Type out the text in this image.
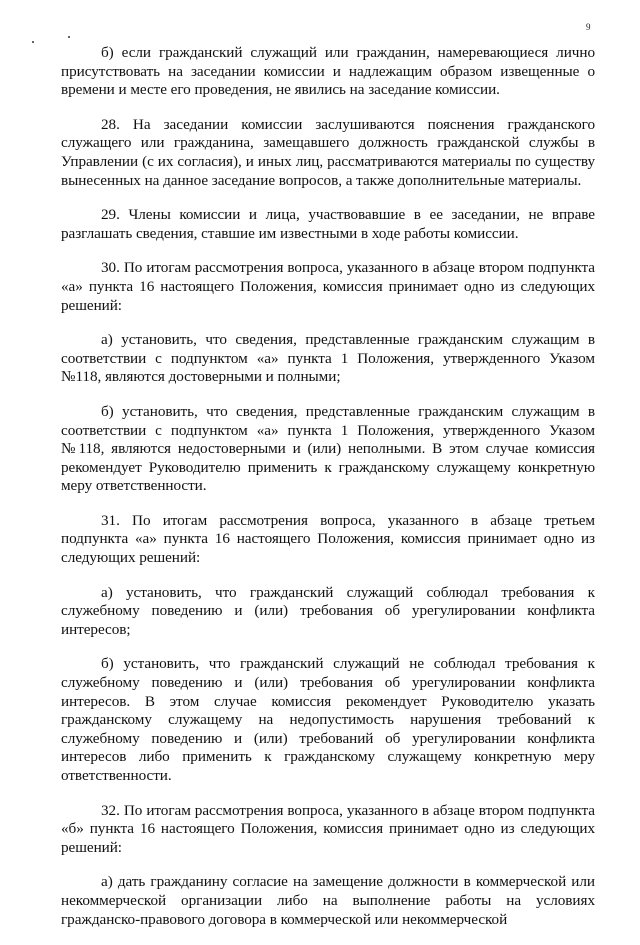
9

б) если гражданский служащий или гражданин, намеревающиеся лично присутствовать на заседании комиссии и надлежащим образом извещенные о времени и месте его проведения, не явились на заседание комиссии.

28. На заседании комиссии заслушиваются пояснения гражданского служащего или гражданина, замещавшего должность гражданской службы в Управлении (с их согласия), и иных лиц, рассматриваются материалы по существу вынесенных на данное заседание вопросов, а также дополнительные материалы.

29. Члены комиссии и лица, участвовавшие в ее заседании, не вправе разглашать сведения, ставшие им известными в ходе работы комиссии.

30. По итогам рассмотрения вопроса, указанного в абзаце втором подпункта «а» пункта 16 настоящего Положения, комиссия принимает одно из следующих решений:

а) установить, что сведения, представленные гражданским служащим в соответствии с подпунктом «а» пункта 1 Положения, утвержденного Указом №118, являются достоверными и полными;

б) установить, что сведения, представленные гражданским служащим в соответствии с подпунктом «а» пункта 1 Положения, утвержденного Указом №118, являются недостоверными и (или) неполными. В этом случае комиссия рекомендует Руководителю применить к гражданскому служащему конкретную меру ответственности.

31. По итогам рассмотрения вопроса, указанного в абзаце третьем подпункта «а» пункта 16 настоящего Положения, комиссия принимает одно из следующих решений:

а) установить, что гражданский служащий соблюдал требования к служебному поведению и (или) требования об урегулировании конфликта интересов;

б) установить, что гражданский служащий не соблюдал требования к служебному поведению и (или) требования об урегулировании конфликта интересов. В этом случае комиссия рекомендует Руководителю указать гражданскому служащему на недопустимость нарушения требований к служебному поведению и (или) требований об урегулировании конфликта интересов либо применить к гражданскому служащему конкретную меру ответственности.

32. По итогам рассмотрения вопроса, указанного в абзаце втором подпункта «б» пункта 16 настоящего Положения, комиссия принимает одно из следующих решений:

а) дать гражданину согласие на замещение должности в коммерческой или некоммерческой организации либо на выполнение работы на условиях гражданско-правового договора в коммерческой или некоммерческой
